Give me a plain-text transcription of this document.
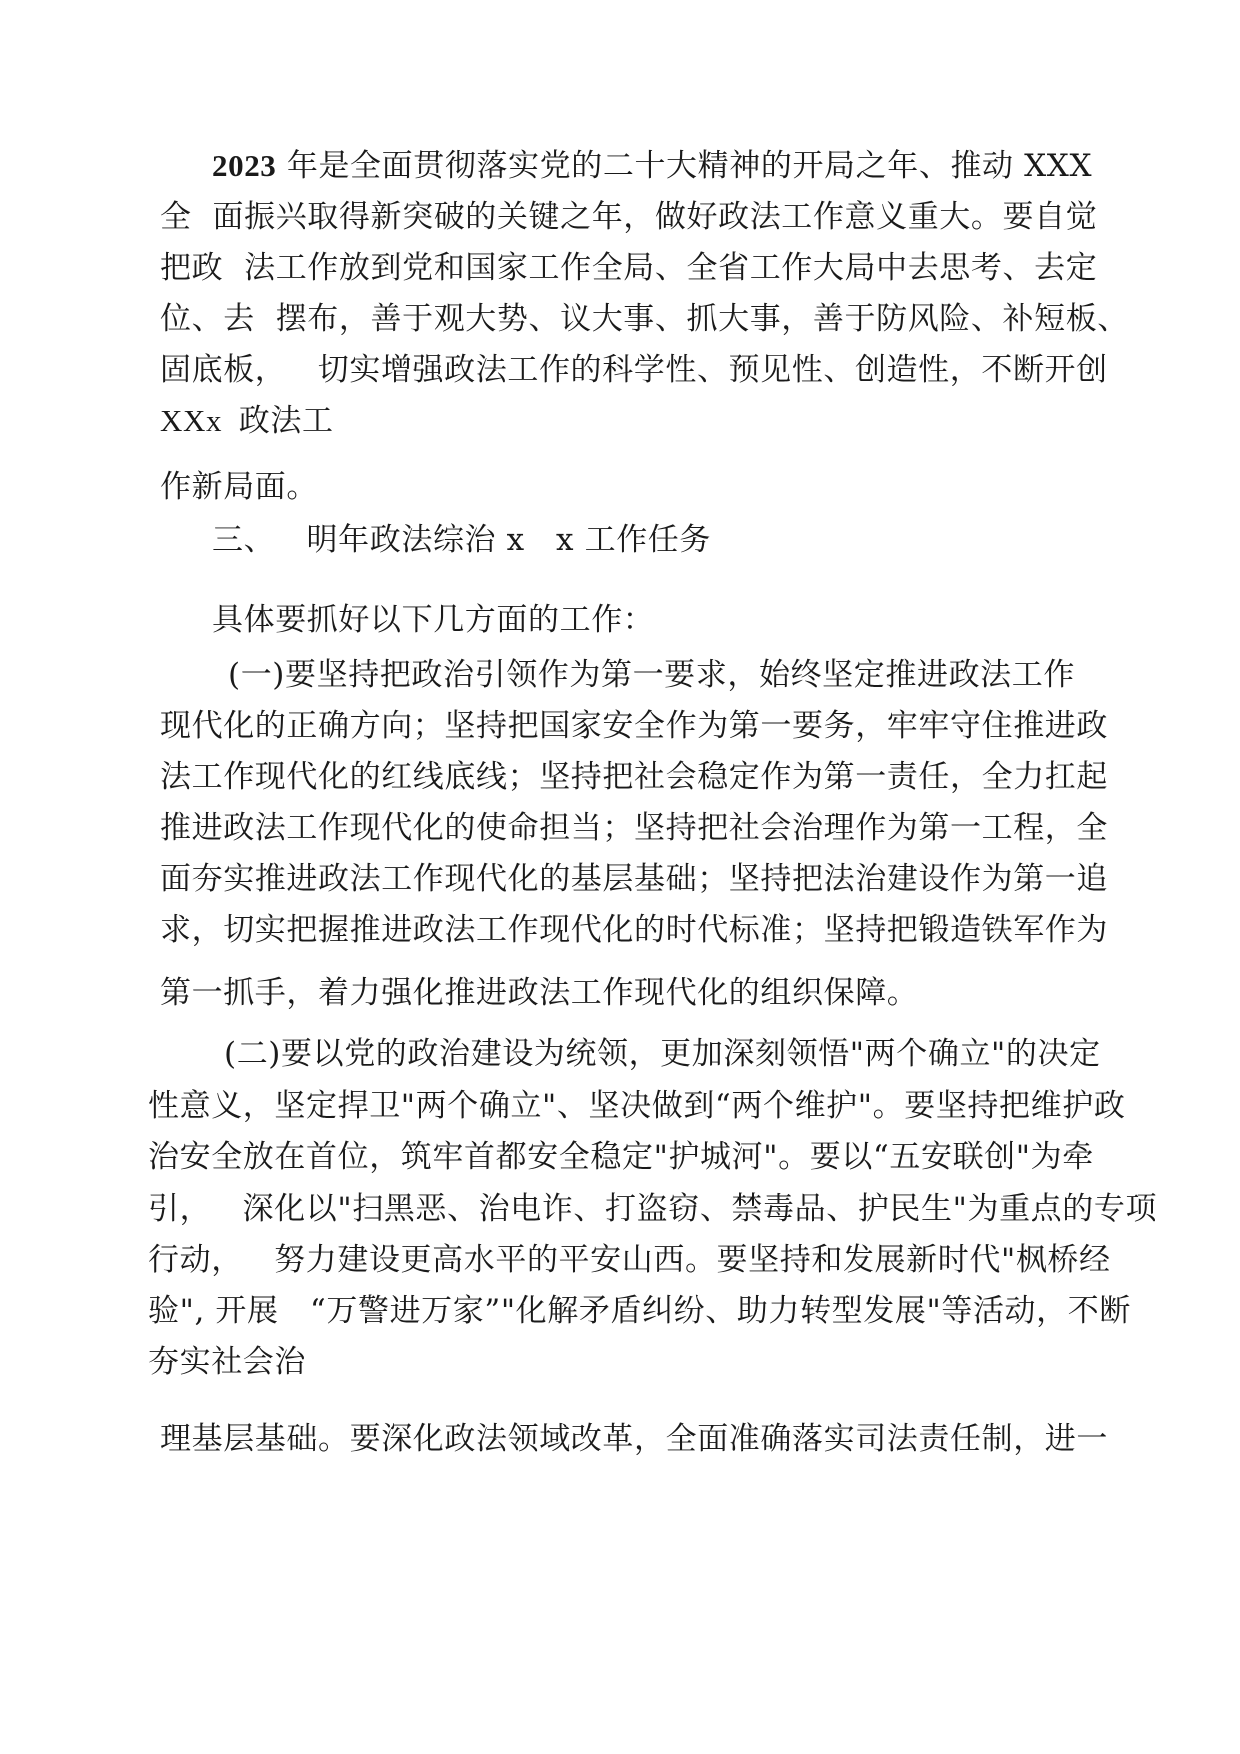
2023 年是全面贯彻落实党的二十大精神的开局之年、推动 XXX

全  面振兴取得新突破的关键之年，做好政法工作意义重大。要自觉

把政  法工作放到党和国家工作全局、全省工作大局中去思考、去定

位、去  摆布，善于观大势、议大事、抓大事，善于防风险、补短板、

固底板，   切实增强政法工作的科学性、预见性、创造性，不断开创

XXx  政法工

作新局面。

三、   明年政法综治 x   x 工作任务

具体要抓好以下几方面的工作：

(一)要坚持把政治引领作为第一要求，始终坚定推进政法工作

现代化的正确方向；坚持把国家安全作为第一要务，牢牢守住推进政

法工作现代化的红线底线；坚持把社会稳定作为第一责任，全力扛起

推进政法工作现代化的使命担当；坚持把社会治理作为第一工程，全

面夯实推进政法工作现代化的基层基础；坚持把法治建设作为第一追

求，切实把握推进政法工作现代化的时代标准；坚持把锻造铁军作为

第一抓手，着力强化推进政法工作现代化的组织保障。

(二)要以党的政治建设为统领，更加深刻领悟"两个确立"的决定

性意义，坚定捍卫"两个确立"、坚决做到“两个维护"。要坚持把维护政

治安全放在首位，筑牢首都安全稳定"护城河"。要以“五安联创"为牵

引，   深化以"扫黑恶、治电诈、打盗窃、禁毒品、护民生"为重点的专项

行动，   努力建设更高水平的平安山西。要坚持和发展新时代"枫桥经

验", 开展   “万警进万家”"化解矛盾纠纷、助力转型发展"等活动，不断

夯实社会治

理基层基础。要深化政法领域改革，全面准确落实司法责任制，进一
